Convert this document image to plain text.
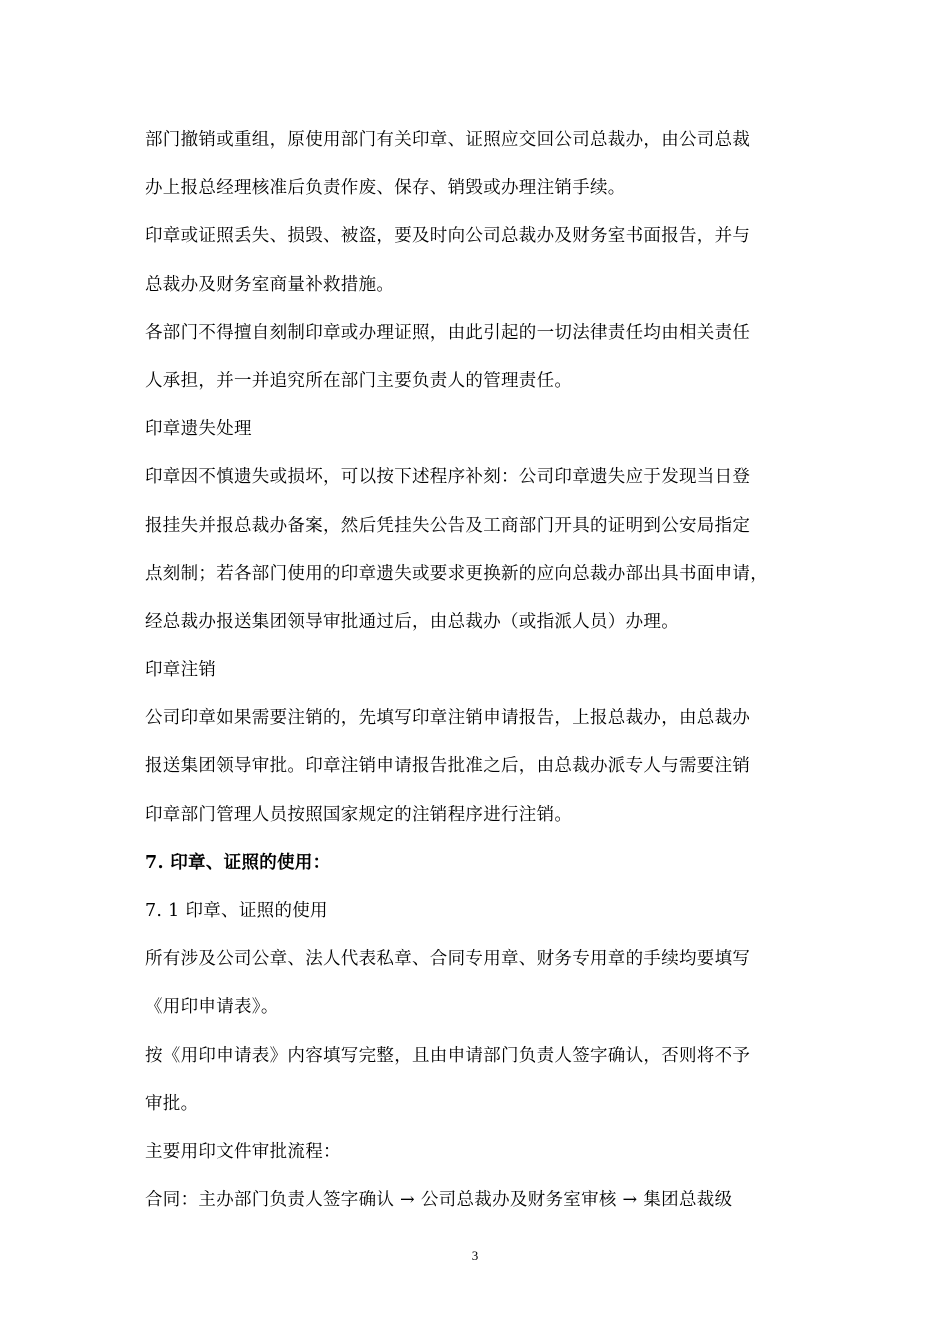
部门撤销或重组，原使用部门有关印章、证照应交回公司总裁办，由公司总裁
办上报总经理核准后负责作废、保存、销毁或办理注销手续。
印章或证照丢失、损毁、被盗，要及时向公司总裁办及财务室书面报告，并与
总裁办及财务室商量补救措施。
各部门不得擅自刻制印章或办理证照，由此引起的一切法律责任均由相关责任
人承担，并一并追究所在部门主要负责人的管理责任。
印章遗失处理
印章因不慎遗失或损坏，可以按下述程序补刻：公司印章遗失应于发现当日登
报挂失并报总裁办备案，然后凭挂失公告及工商部门开具的证明到公安局指定
点刻制；若各部门使用的印章遗失或要求更换新的应向总裁办部出具书面申请，
经总裁办报送集团领导审批通过后，由总裁办（或指派人员）办理。
印章注销
公司印章如果需要注销的，先填写印章注销申请报告，上报总裁办，由总裁办
报送集团领导审批。印章注销申请报告批准之后，由总裁办派专人与需要注销
印章部门管理人员按照国家规定的注销程序进行注销。
7. 印章、证照的使用：
7. 1 印章、证照的使用
所有涉及公司公章、法人代表私章、合同专用章、财务专用章的手续均要填写
《用印申请表》。
按《用印申请表》内容填写完整，且由申请部门负责人签字确认，否则将不予
审批。
主要用印文件审批流程：
合同：主办部门负责人签字确认 → 公司总裁办及财务室审核 → 集团总裁级
3
